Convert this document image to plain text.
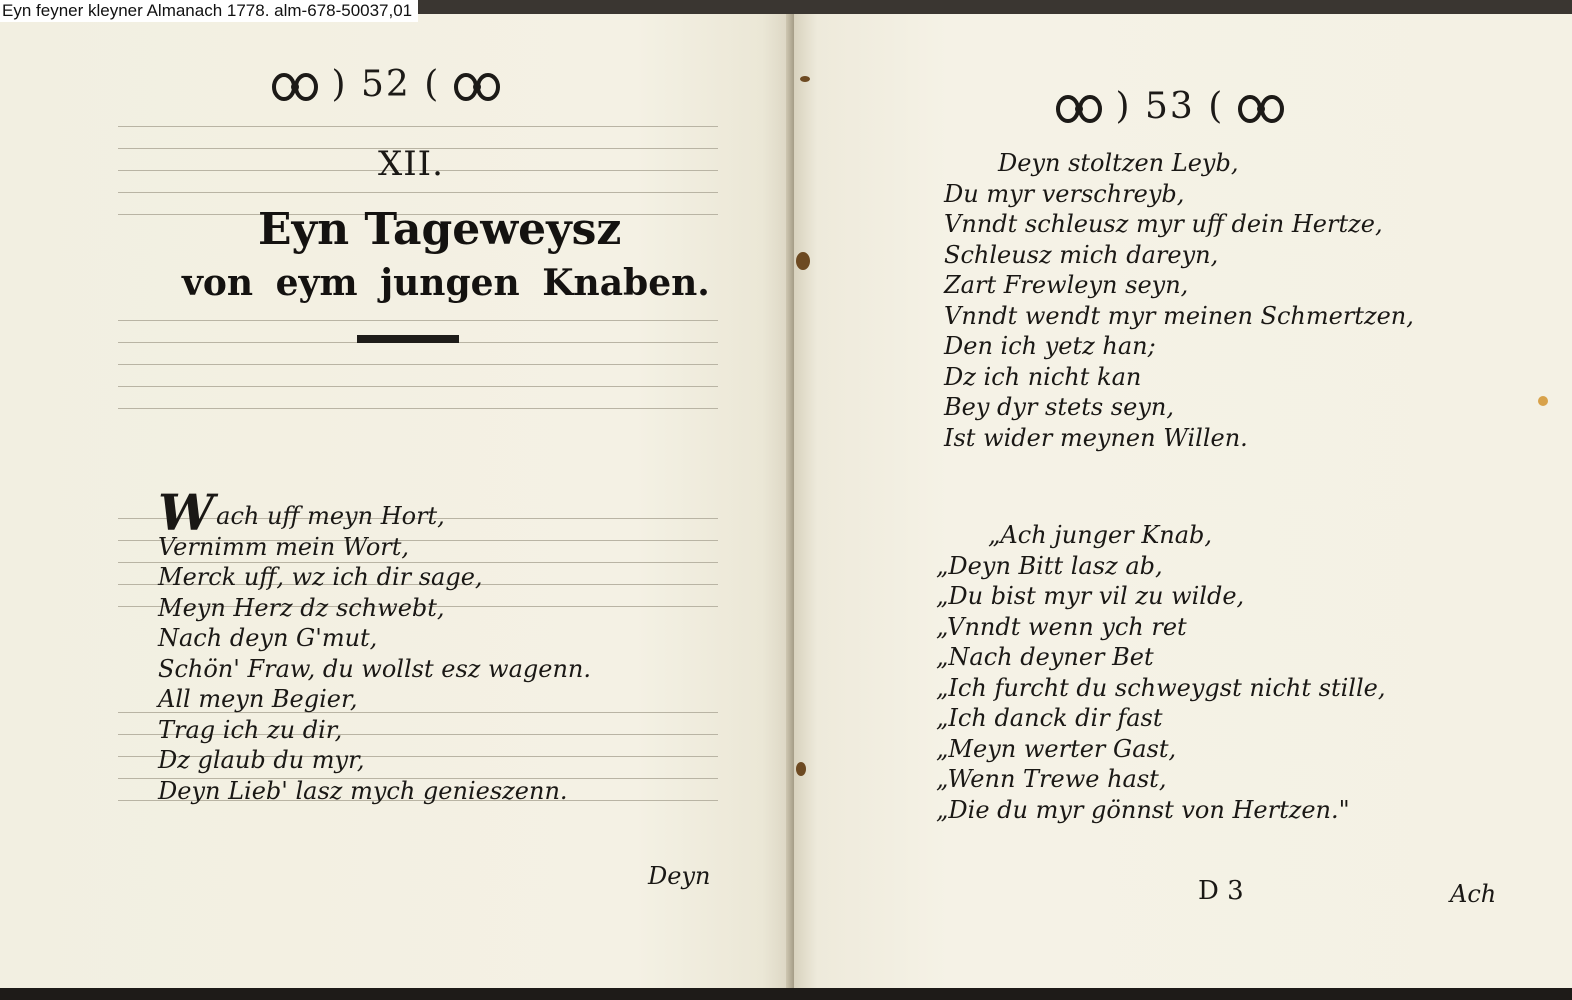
Eyn feyner kleyner Almanach 1778. alm-678-50037,01
) 52 (
XII.
Eyn Tageweysz
von eym jungen Knaben.
Wach uff meyn Hort,
Vernimm mein Wort,
Merck uff, wz ich dir sage,
Meyn Herz dz schwebt,
Nach deyn G'mut,
Schön' Fraw, du wollst esz wagenn.
All meyn Begier,
Trag ich zu dir,
Dz glaub du myr,
Deyn Lieb' lasz mych genieszenn.
Deyn
) 53 (
Deyn stoltzen Leyb,
Du myr verschreyb,
Vnndt schleusz myr uff dein Hertze,
Schleusz mich dareyn,
Zart Frewleyn seyn,
Vnndt wendt myr meinen Schmertzen,
Den ich yetz han;
Dz ich nicht kan
Bey dyr stets seyn,
Ist wider meynen Willen.
„Ach junger Knab,
„Deyn Bitt lasz ab,
„Du bist myr vil zu wilde,
„Vnndt wenn ych ret
„Nach deyner Bet
„Ich furcht du schweygst nicht stille,
„Ich danck dir fast
„Meyn werter Gast,
„Wenn Trewe hast,
„Die du myr gönnst von Hertzen."
D 3	Ach
